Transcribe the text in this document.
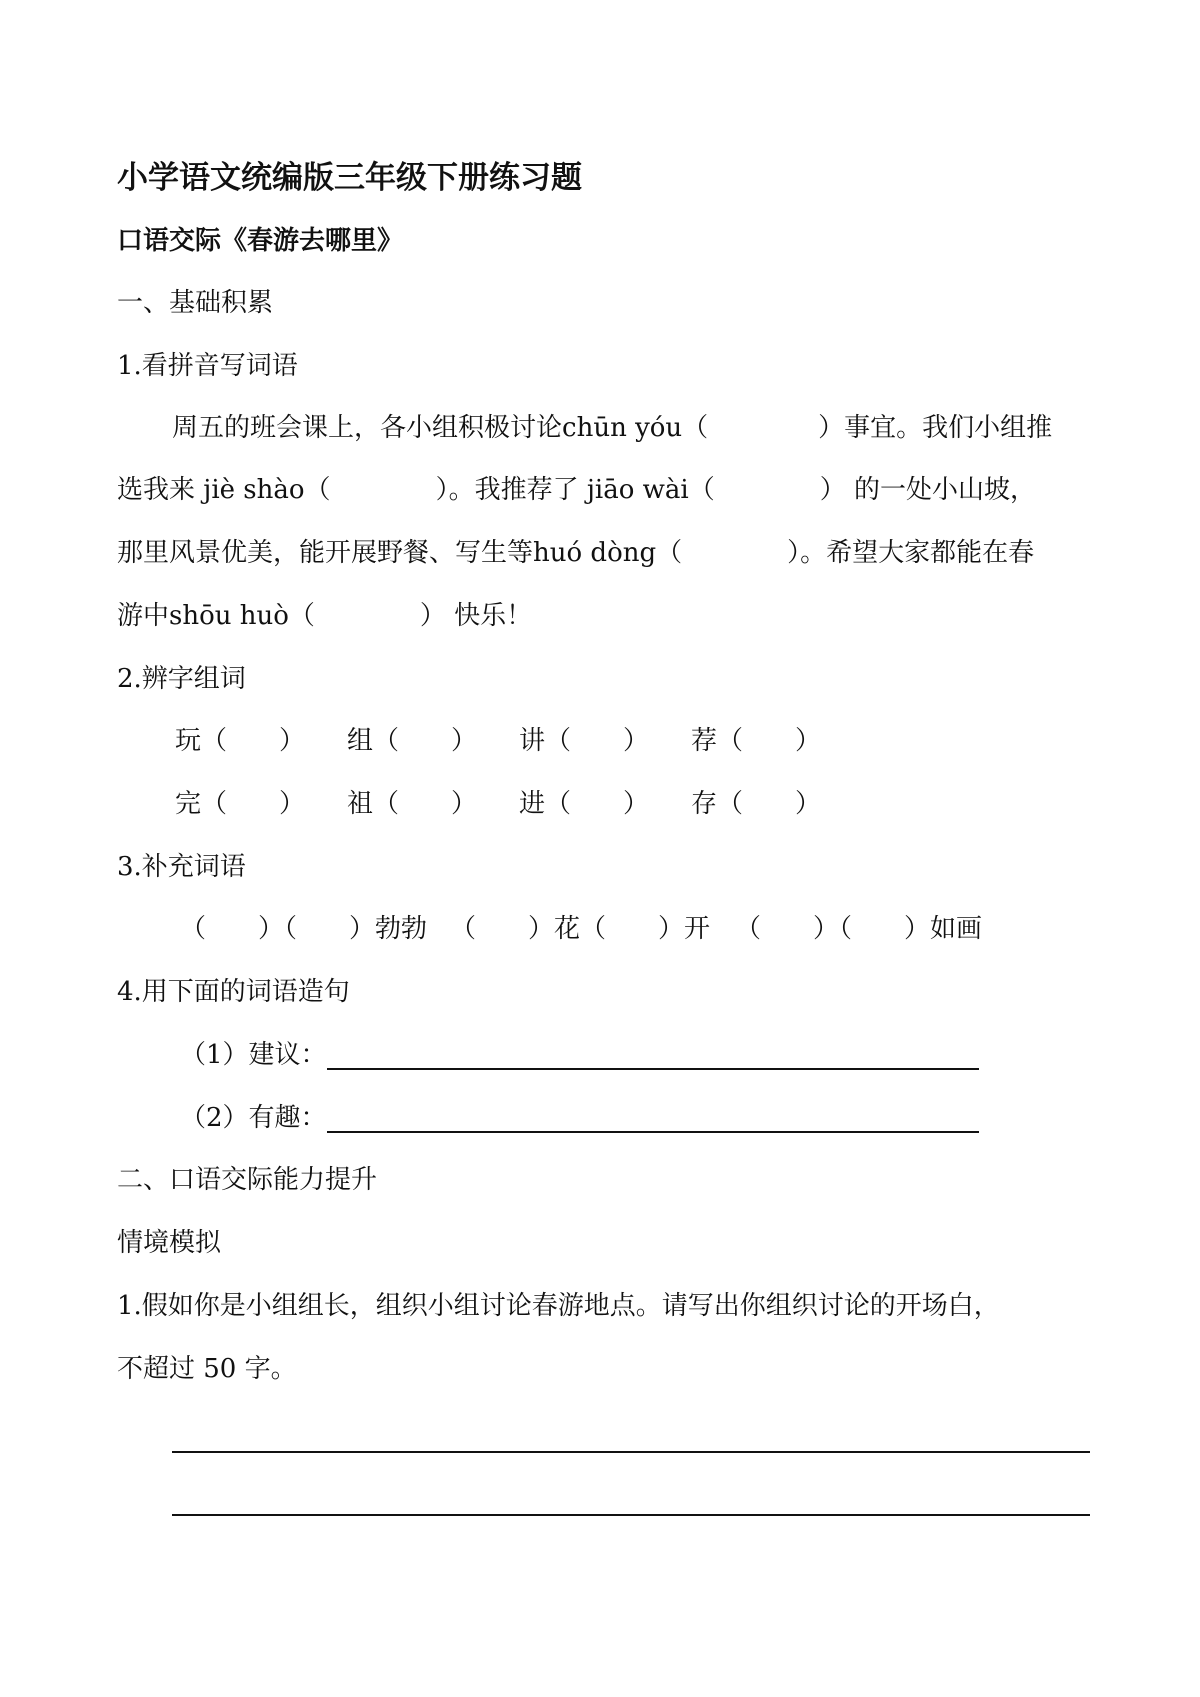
小学语文统编版三年级下册练习题
口语交际《春游去哪里》
一、基础积累
1.看拼音写词语
周五的班会课上，各小组积极讨论chūn yóu（	）事宜。我们小组推
选我来 jiè shào（	）。我推荐了 jiāo wài（	） 的一处小山坡，
那里风景优美，能开展野餐、写生等huó dòng（	）。希望大家都能在春
游中shōu huò（	） 快乐！
2.辨字组词
玩（　　） 组（　　） 讲（　　） 荐（　　）
完（　　） 祖（　　） 进（　　） 存（　　）
3.补充词语
（　　）（　　）勃勃 （　　）花（　　）开 （　　）（　　）如画
4.用下面的词语造句
（1）建议：
（2）有趣：
二、口语交际能力提升
情境模拟
1.假如你是小组组长，组织小组讨论春游地点。请写出你组织讨论的开场白，
不超过 50 字。
